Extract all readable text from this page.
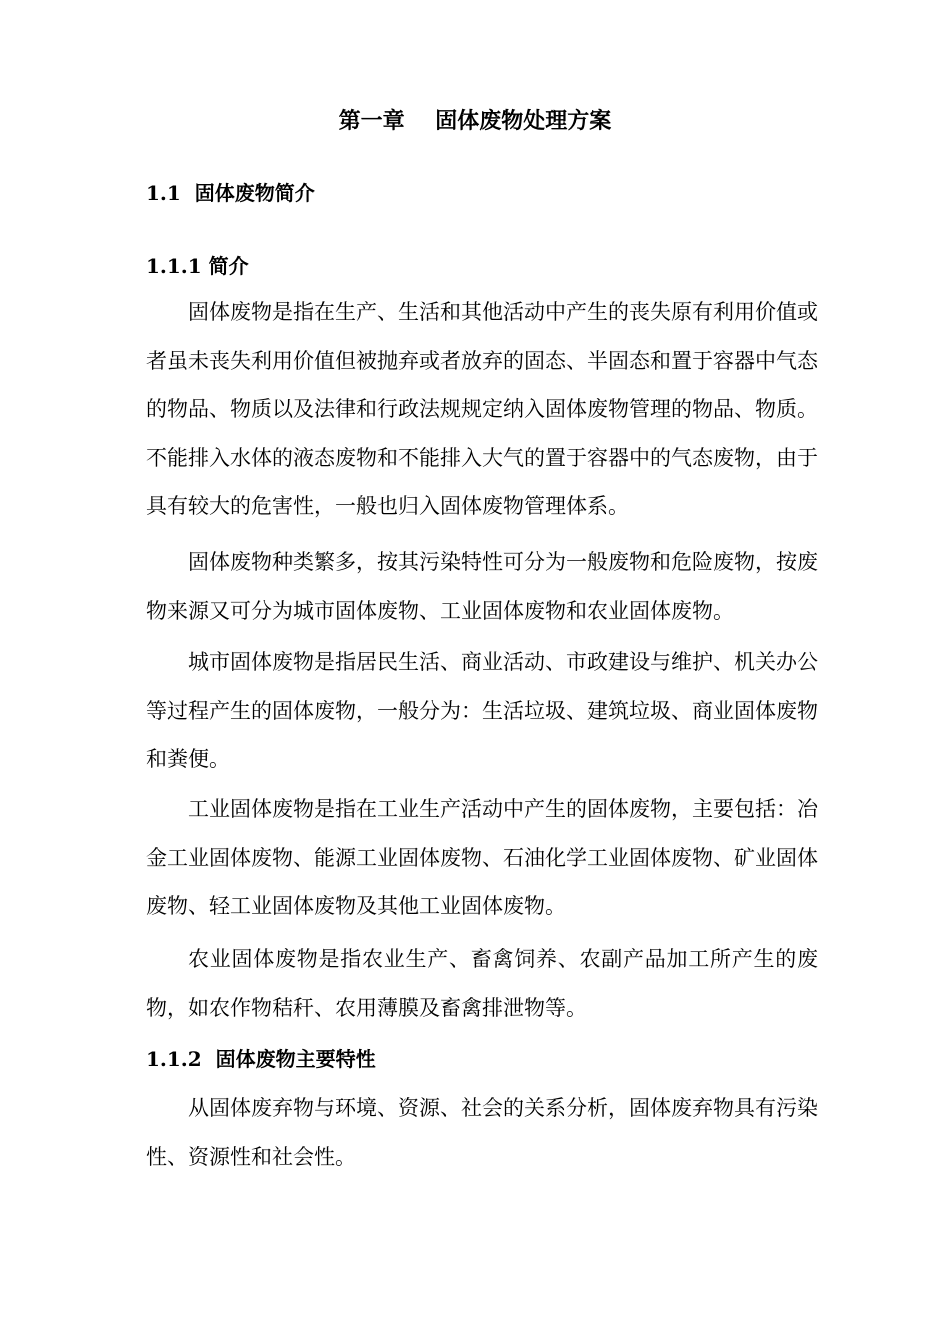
第一章    固体废物处理方案
1.1  固体废物简介
1.1.1 简介

固体废物是指在生产、生活和其他活动中产生的丧失原有利用价值或者虽未丧失利用价值但被抛弃或者放弃的固态、半固态和置于容器中气态的物品、物质以及法律和行政法规规定纳入固体废物管理的物品、物质。不能排入水体的液态废物和不能排入大气的置于容器中的气态废物，由于具有较大的危害性，一般也归入固体废物管理体系。

固体废物种类繁多，按其污染特性可分为一般废物和危险废物，按废物来源又可分为城市固体废物、工业固体废物和农业固体废物。

城市固体废物是指居民生活、商业活动、市政建设与维护、机关办公等过程产生的固体废物，一般分为：生活垃圾、建筑垃圾、商业固体废物和粪便。

工业固体废物是指在工业生产活动中产生的固体废物，主要包括：冶金工业固体废物、能源工业固体废物、石油化学工业固体废物、矿业固体废物、轻工业固体废物及其他工业固体废物。

农业固体废物是指农业生产、畜禽饲养、农副产品加工所产生的废物，如农作物秸秆、农用薄膜及畜禽排泄物等。

1.1.2  固体废物主要特性

从固体废弃物与环境、资源、社会的关系分析，固体废弃物具有污染性、资源性和社会性。
